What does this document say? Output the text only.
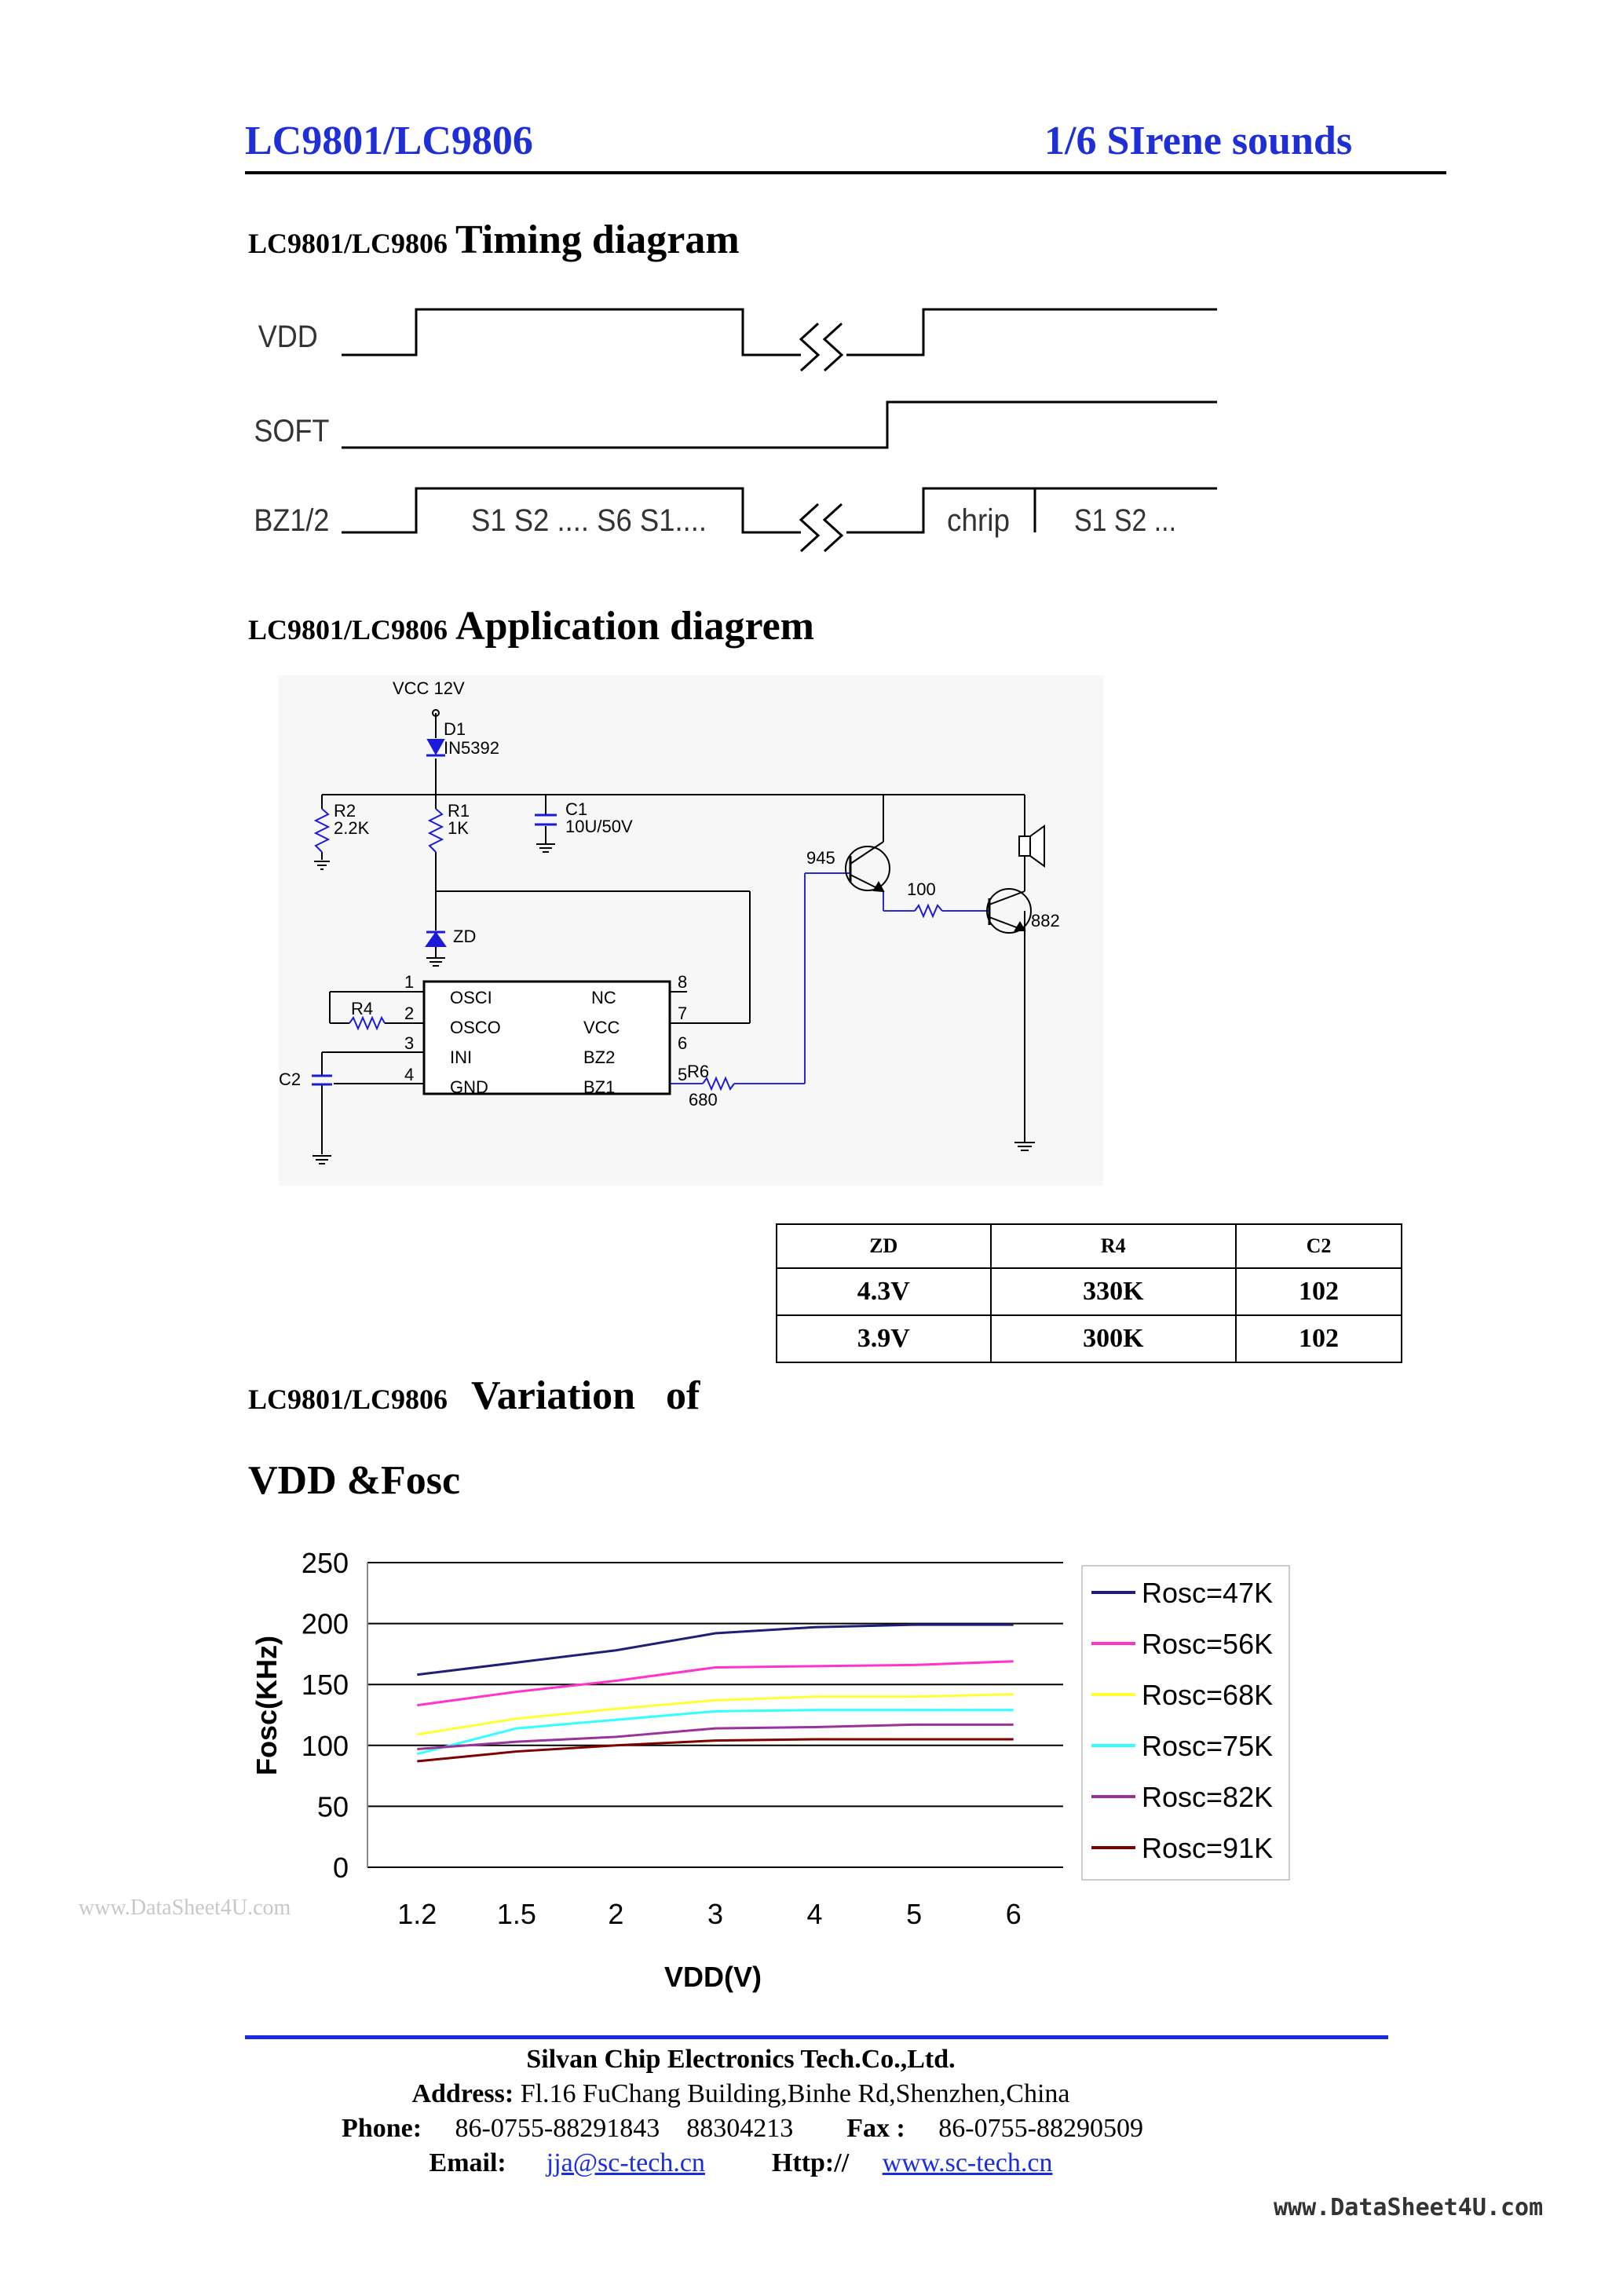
LC9801/LC9806	1/6 SIrene sounds
LC9801/LC9806 Timing diagram
VDD
SOFT
BZ1/2	S1 S2 .... S6 S1....	chrip S1 S2 ...
LC9801/LC9806 Application diagrem
VCC 12V
D1
IN5392
R2
2.2K
R1
1K
C1
10U/50V
ZD
945
100
882
R4
C2	R6
680
1
2
3
4
8
7
6
5
OSCI
OSCO
INI
GND
NC
VCC
BZ2
BZ1
ZD	R4	C2
4.3V	330K	102
3.9V	300K	102
LC9801/LC9806 Variation   of
VDD &Fosc
0
50
100
150
200
250
1.2 1.5	2	3	4	5	6
VDD(V)
Fosc(KHz)
Rosc=47K
Rosc=56K
Rosc=68K
Rosc=75K
Rosc=82K
Rosc=91K
www.DataSheet4U.com
Silvan Chip Electronics Tech.Co.,Ltd.
Address: Fl.16 FuChang Building,Binhe Rd,Shenzhen,China
Phone: 86-0755-88291843    88304213 Fax : 86-0755-88290509
Email: jja@sc-tech.cn	Http:// www.sc-tech.cn
www.DataSheet4U.com
